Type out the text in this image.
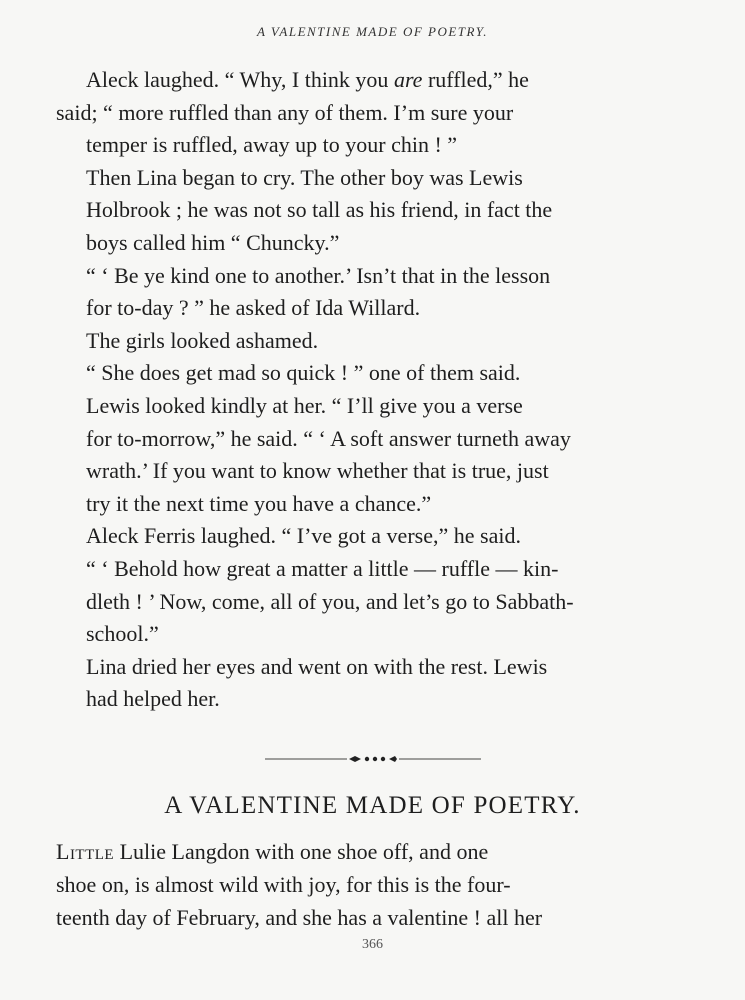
A VALENTINE MADE OF POETRY.

Aleck laughed. “ Why, I think you are ruffled,” he
said; “ more ruffled than any of them. I’m sure your
temper is ruffled, away up to your chin ! ”

Then Lina began to cry. The other boy was Lewis
Holbrook ; he was not so tall as his friend, in fact the
boys called him “ Chuncky.”

“ ‘ Be ye kind one to another.’ Isn’t that in the lesson
for to-day ? ” he asked of Ida Willard.

The girls looked ashamed.

“ She does get mad so quick ! ” one of them said.

Lewis looked kindly at her. “ I’ll give you a verse
for to-morrow,” he said. “ ‘ A soft answer turneth away
wrath.’ If you want to know whether that is true, just
try it the next time you have a chance.”

Aleck Ferris laughed. “ I’ve got a verse,” he said.
“ ‘ Behold how great a matter a little — ruffle — kin-
dleth ! ’ Now, come, all of you, and let’s go to Sabbath-
school.”

Lina dried her eyes and went on with the rest. Lewis
had helped her.

A VALENTINE MADE OF POETRY.
Little Lulie Langdon with one shoe off, and one
shoe on, is almost wild with joy, for this is the four-
teenth day of February, and she has a valentine ! all her
366
